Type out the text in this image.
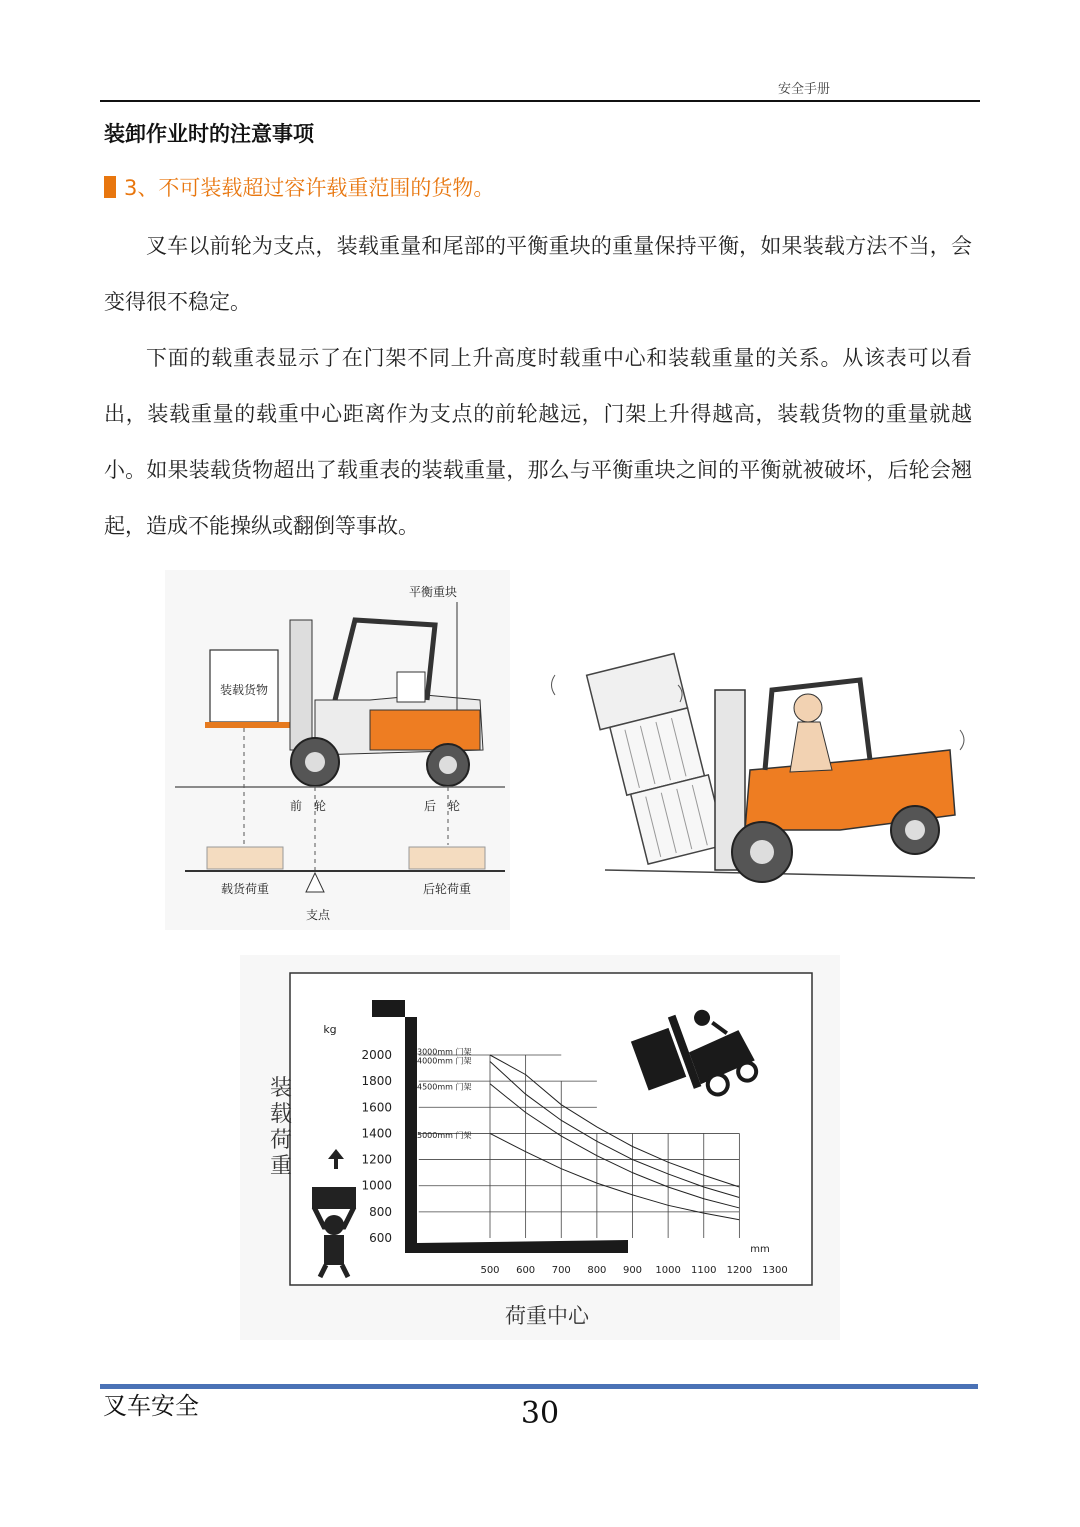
安全手册
装卸作业时的注意事项
3、不可装载超过容许载重范围的货物。

叉车以前轮为支点，装载重量和尾部的平衡重块的重量保持平衡，如果装载方法不当，会变得很不稳定。

下面的载重表显示了在门架不同上升高度时载重中心和装载重量的关系。从该表可以看出，装载重量的载重中心距离作为支点的前轮越远，门架上升得越高，装载货物的重量就越小。如果装载货物超出了载重表的装载重量，那么与平衡重块之间的平衡就被破坏，后轮会翘起，造成不能操纵或翻倒等事故。

装载货物
平衡重块
前　轮	后　轮
载货荷重	后轮荷重
支点
kg
mm
装载荷重
荷重中心
2000
1800
1600
1400
1200
1000
800
600
500 600 700 800 900 1000 1100 1200 1300
3000mm 门架
4000mm 门架
4500mm 门架
5000mm 门架
叉车安全	30
